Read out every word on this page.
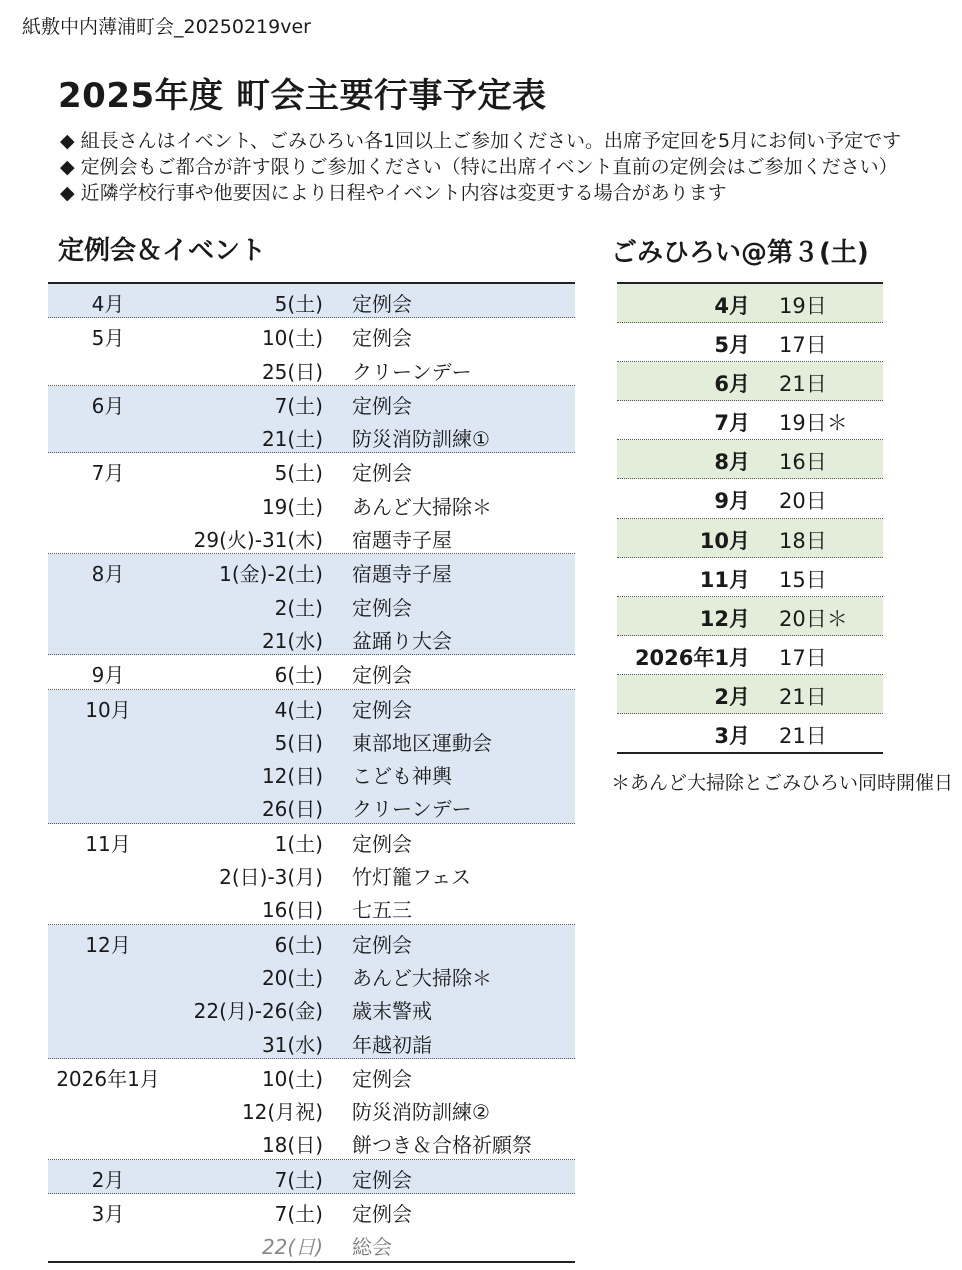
紙敷中内薄浦町会_20250219ver
2025年度 町会主要行事予定表
◆ 組長さんはイベント、ごみひろい各1回以上ご参加ください。出席予定回を5月にお伺い予定です
◆ 定例会もご都合が許す限りご参加ください（特に出席イベント直前の定例会はご参加ください）
◆ 近隣学校行事や他要因により日程やイベント内容は変更する場合があります
定例会＆イベント	ごみひろい@第３(土)
4月	5(土) 定例会
5月	10(土) 定例会
25(日) クリーンデー
6月	7(土) 定例会
21(土) 防災消防訓練①
7月	5(土) 定例会
19(土) あんど大掃除＊
29(火)-31(木) 宿題寺子屋
8月	1(金)-2(土) 宿題寺子屋
2(土) 定例会
21(水) 盆踊り大会
9月	6(土) 定例会
10月	4(土) 定例会
5(日) 東部地区運動会
12(日) こども神輿
26(日) クリーンデー
11月	1(土) 定例会
2(日)-3(月) 竹灯籠フェス
16(日) 七五三
12月	6(土) 定例会
20(土) あんど大掃除＊
22(月)-26(金) 歳末警戒
31(水) 年越初詣
2026年1月	10(土) 定例会
12(月祝) 防災消防訓練②
18(日) 餅つき＆合格祈願祭
2月	7(土) 定例会
3月	7(土) 定例会
22(日) 総会
4月 19日
5月 17日
6月 21日
7月 19日＊
8月 16日
9月 20日
10月 18日
11月 15日
12月 20日＊
2026年1月 17日
2月 21日
3月 21日
＊あんど大掃除とごみひろい同時開催日
